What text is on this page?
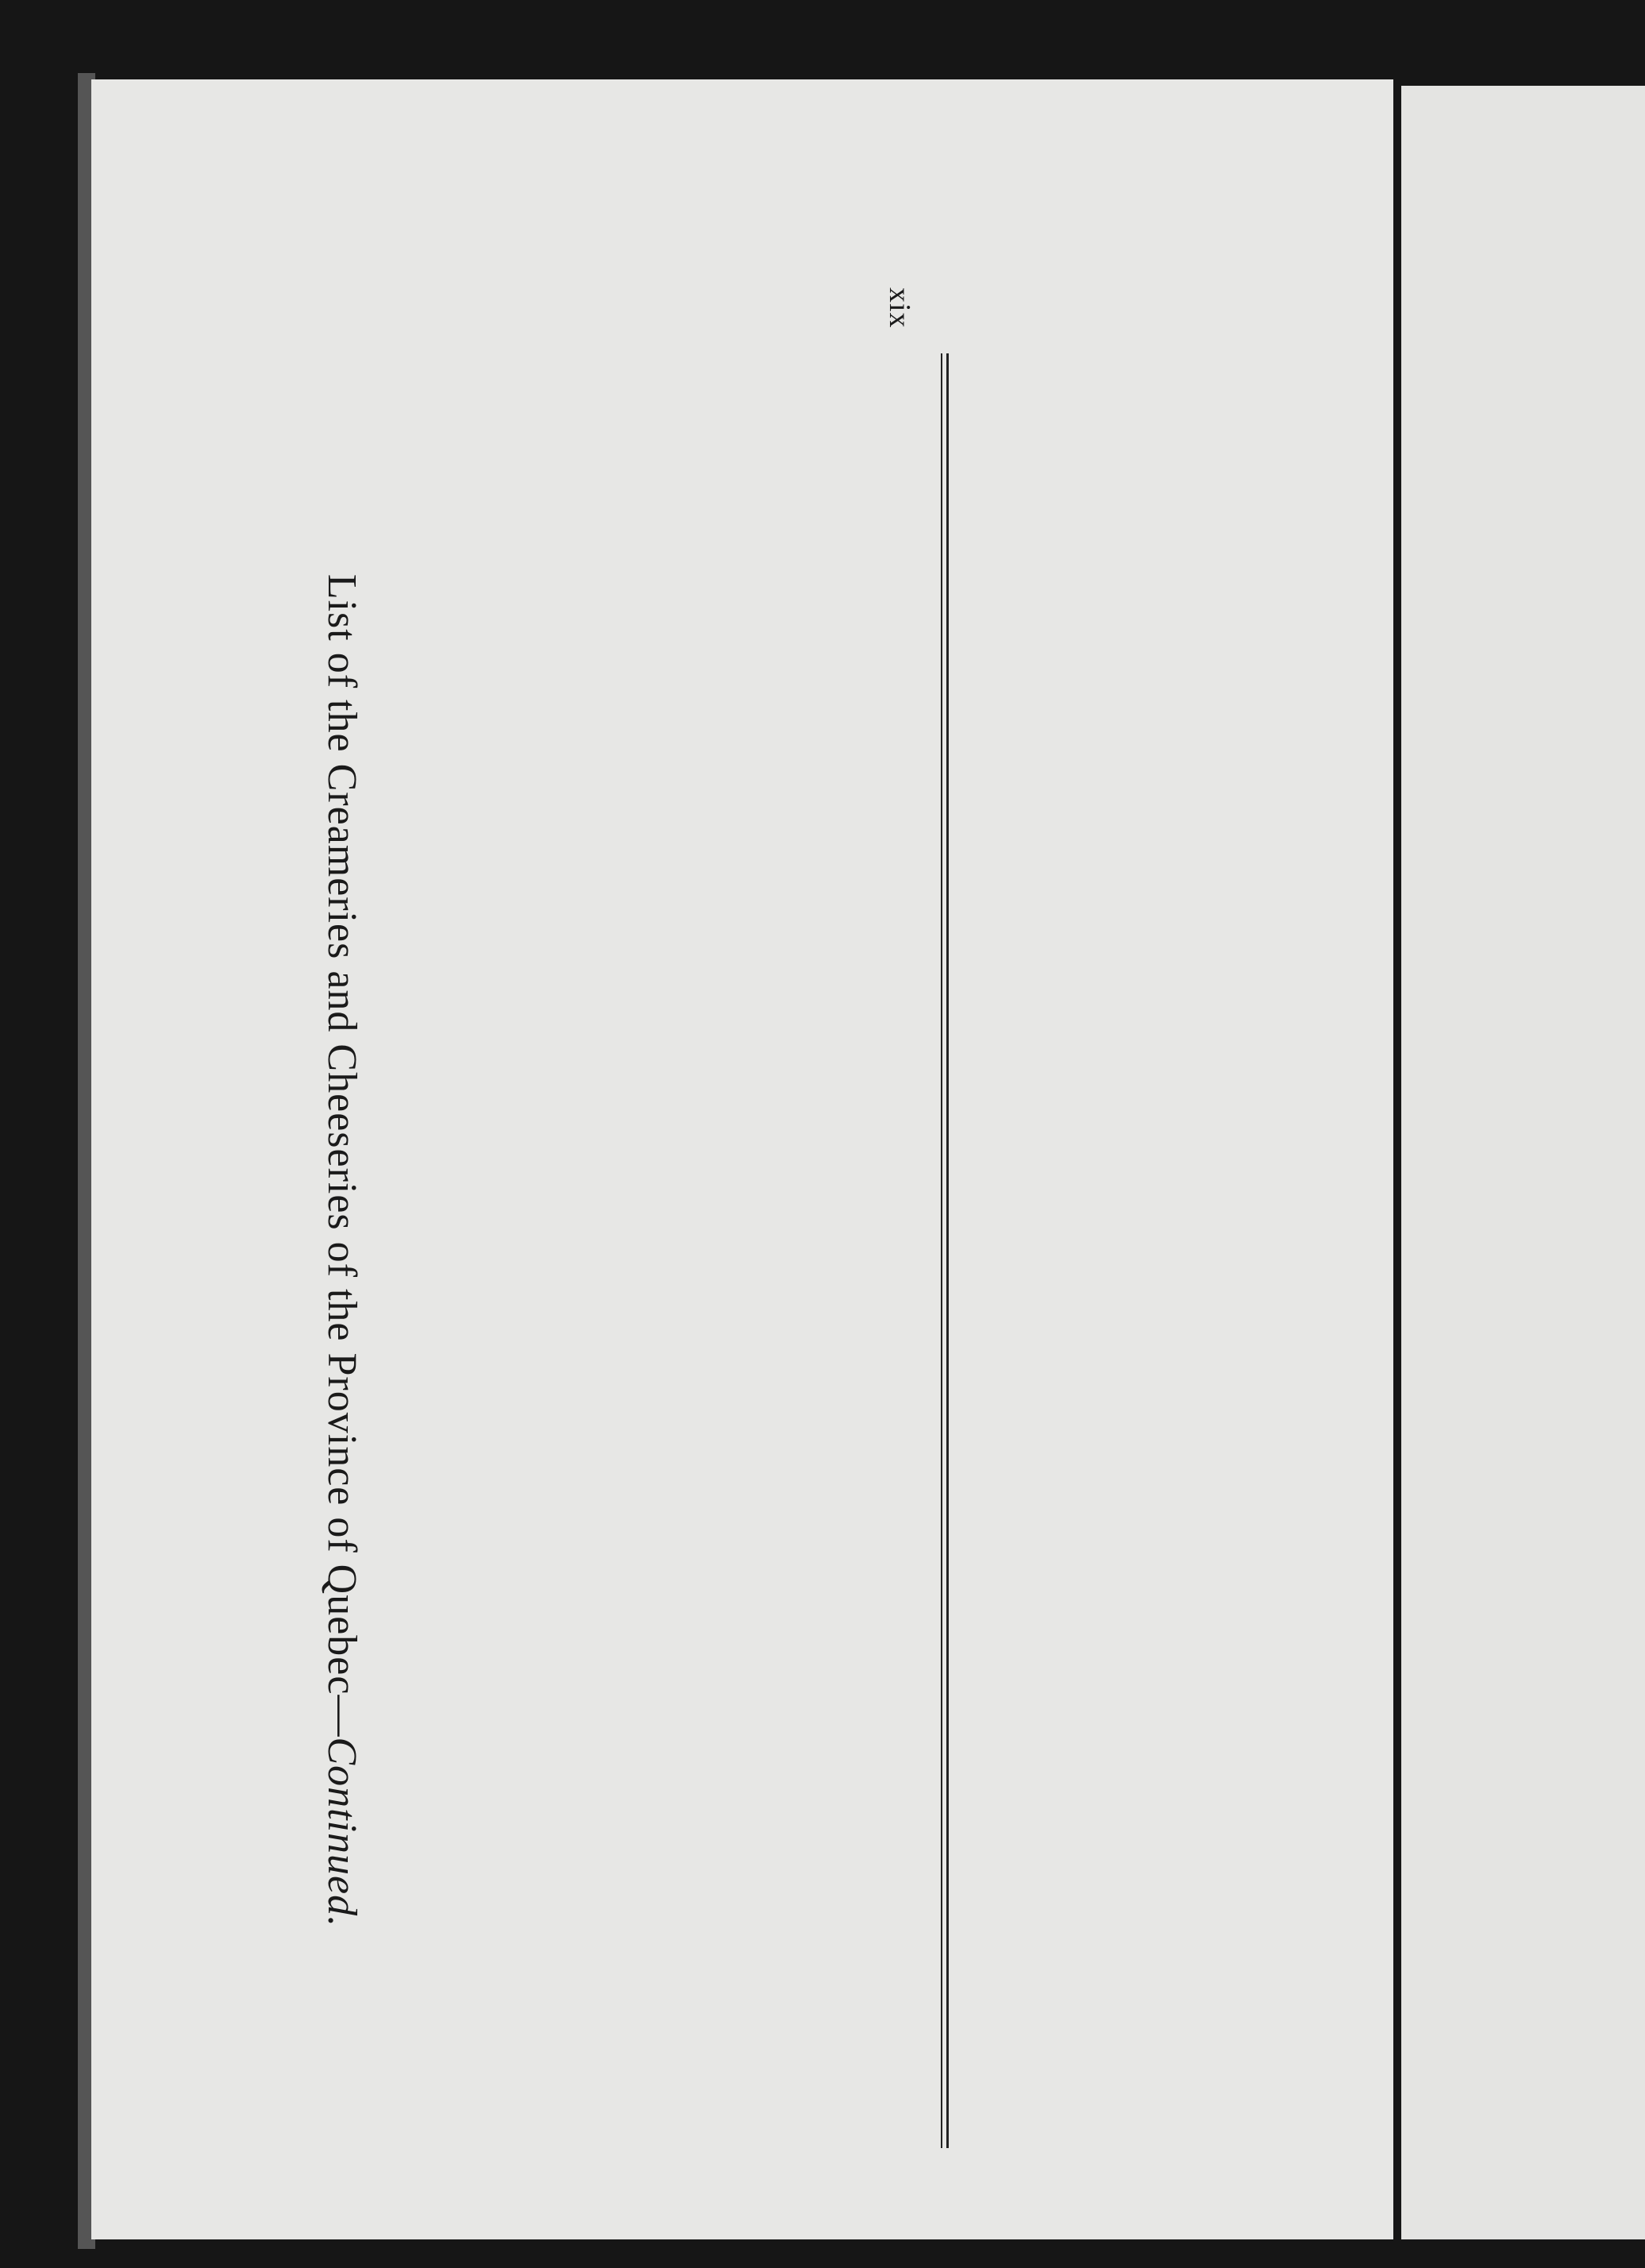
xix
List of the Creameries and Cheeseries of the Province of Quebec—Continued.
